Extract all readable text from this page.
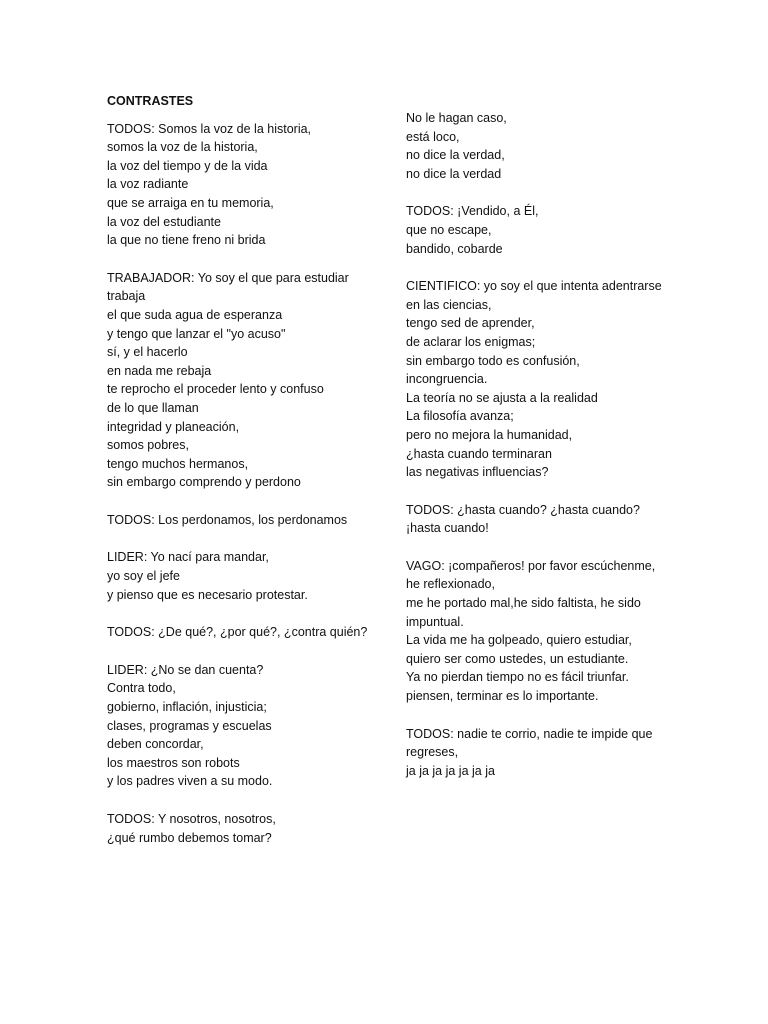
CONTRASTES
TODOS: Somos la voz de la historia,
somos la voz de la historia,
la voz del tiempo y de la vida
la voz radiante
que se arraiga en tu memoria,
la voz del estudiante
la que no tiene freno ni brida
TRABAJADOR: Yo soy el que para estudiar
trabaja
el que suda agua de esperanza
y tengo que lanzar el "yo acuso"
sí, y el hacerlo
en nada me rebaja
te reprocho el proceder lento y confuso
de lo que llaman
integridad y planeación,
somos pobres,
tengo muchos hermanos,
sin embargo comprendo y perdono
TODOS: Los perdonamos, los perdonamos
LIDER: Yo nací para mandar,
yo soy el jefe
y pienso que es necesario protestar.
TODOS: ¿De qué?, ¿por qué?, ¿contra quién?
LIDER: ¿No se dan cuenta?
Contra todo,
gobierno, inflación, injusticia;
clases, programas y escuelas
deben concordar,
los maestros son robots
y los padres viven a su modo.
TODOS: Y nosotros, nosotros,
¿qué rumbo debemos tomar?
No le hagan caso,
está loco,
no dice la verdad,
no dice la verdad
TODOS: ¡Vendido, a Él,
que no escape,
bandido, cobarde
CIENTIFICO: yo soy el que intenta adentrarse
en las ciencias,
tengo sed de aprender,
de aclarar los enigmas;
sin embargo todo es confusión,
incongruencia.
La teoría no se ajusta a la realidad
La filosofía avanza;
pero no mejora la humanidad,
¿hasta cuando terminaran
las negativas influencias?
TODOS: ¿hasta cuando? ¿hasta cuando?
¡hasta cuando!
VAGO: ¡compañeros! por favor escúchenme,
he reflexionado,
me he portado mal,he sido faltista, he sido
impuntual.
La vida me ha golpeado, quiero estudiar,
quiero ser como ustedes, un estudiante.
Ya no pierdan tiempo no es fácil triunfar.
piensen, terminar es lo importante.
TODOS: nadie te corrio, nadie te impide que
regreses,
ja ja ja ja ja ja ja
